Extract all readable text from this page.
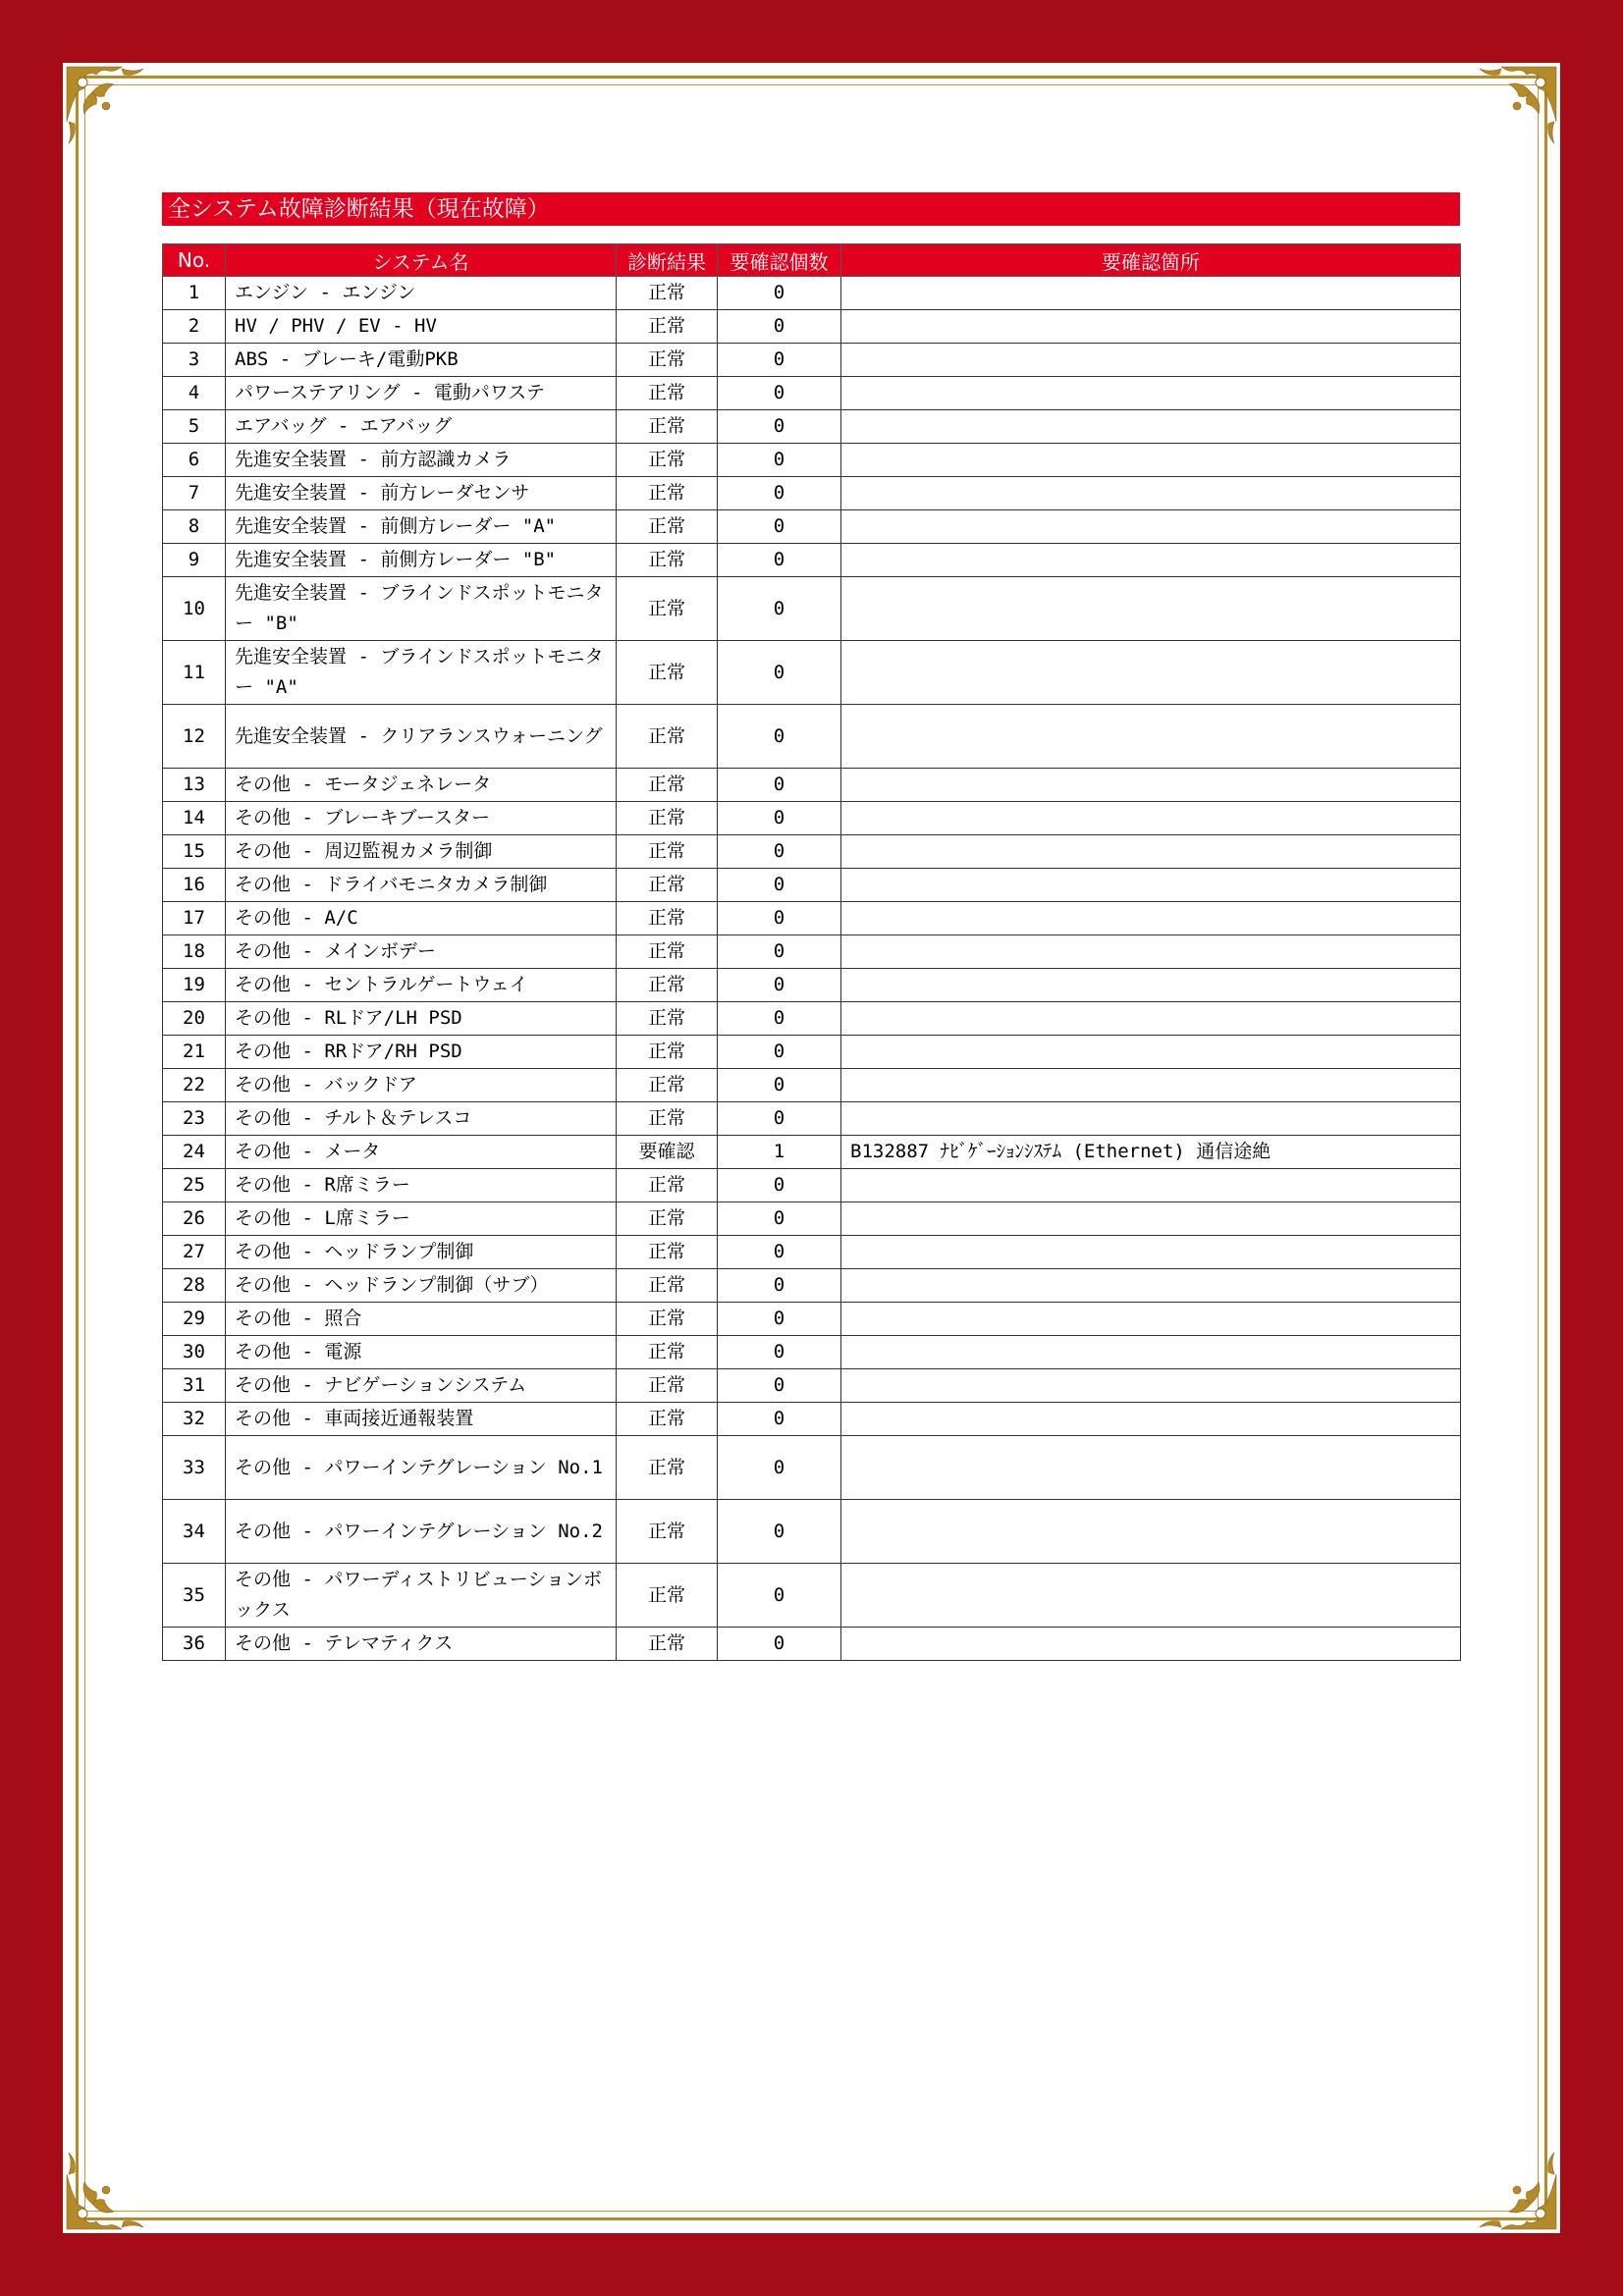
全システム故障診断結果（現在故障）
No.	システム名	診断結果	要確認個数	要確認箇所
1	エンジン - エンジン	正常	0	
2	HV / PHV / EV - HV	正常	0	
3	ABS - ブレーキ/電動PKB	正常	0	
4	パワーステアリング - 電動パワステ	正常	0	
5	エアバッグ - エアバッグ	正常	0	
6	先進安全装置 - 前方認識カメラ	正常	0	
7	先進安全装置 - 前方レーダセンサ	正常	0	
8	先進安全装置 - 前側方レーダー "A"	正常	0	
9	先進安全装置 - 前側方レーダー "B"	正常	0	
10	先進安全装置 - ブラインドスポットモニター "B"	正常	0	
11	先進安全装置 - ブラインドスポットモニター "A"	正常	0	
12	先進安全装置 - クリアランスウォーニング	正常	0	
13	その他 - モータジェネレータ	正常	0	
14	その他 - ブレーキブースター	正常	0	
15	その他 - 周辺監視カメラ制御	正常	0	
16	その他 - ドライバモニタカメラ制御	正常	0	
17	その他 - A/C	正常	0	
18	その他 - メインボデー	正常	0	
19	その他 - セントラルゲートウェイ	正常	0	
20	その他 - RLドア/LH PSD	正常	0	
21	その他 - RRドア/RH PSD	正常	0	
22	その他 - バックドア	正常	0	
23	その他 - チルト＆テレスコ	正常	0	
24	その他 - メータ	要確認	1	B132887 ﾅﾋﾞｹﾞｰｼｮﾝｼｽﾃﾑ (Ethernet) 通信途絶
25	その他 - R席ミラー	正常	0	
26	その他 - L席ミラー	正常	0	
27	その他 - ヘッドランプ制御	正常	0	
28	その他 - ヘッドランプ制御（サブ）	正常	0	
29	その他 - 照合	正常	0	
30	その他 - 電源	正常	0	
31	その他 - ナビゲーションシステム	正常	0	
32	その他 - 車両接近通報装置	正常	0	
33	その他 - パワーインテグレーション No.1	正常	0	
34	その他 - パワーインテグレーション No.2	正常	0	
35	その他 - パワーディストリビューションボックス	正常	0	
36	その他 - テレマティクス	正常	0	
